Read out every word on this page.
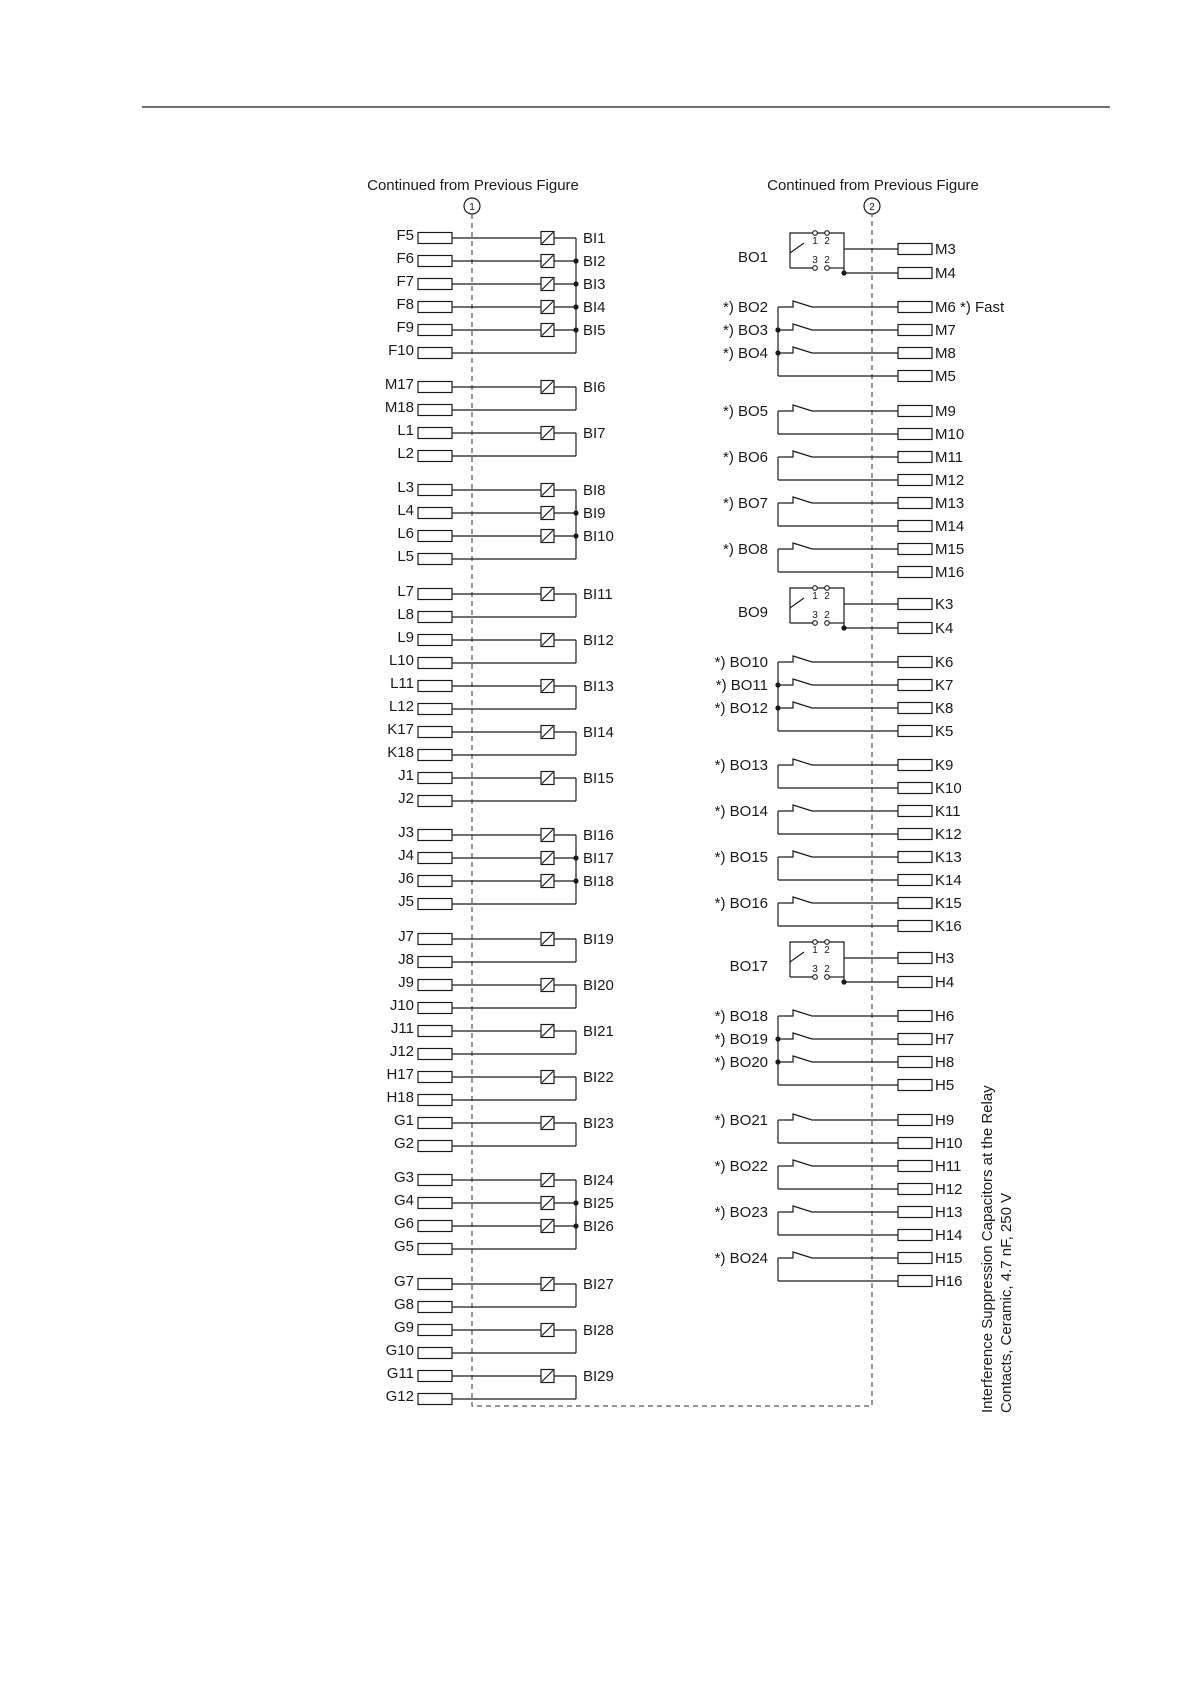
Continued from Previous Figure	Continued from Previous Figure
1	2
F5	BI1
F6	BI2
F7	BI3
F8	BI4
F9	BI5
F10
M17	BI6
M18
L1	BI7
L2
L3	BI8
L4	BI9
L6	BI10
L5
L7	BI11
L8
L9	BI12
L10
L11	BI13
L12
K17	BI14
K18
J1	BI15
J2
J3	BI16
J4	BI17
J6	BI18
J5
J7	BI19
J8
J9	BI20
J10
J11	BI21
J12
H17	BI22
H18
G1	BI23
G2
G3	BI24
G4	BI25
G6	BI26
G5
G7	BI27
G8
G9	BI28
G10
G11	BI29
G12
1 2
3 2
BO1	M3
M4
*) BO2	M6
*) BO3	M7
*) BO4	M8
M5
*) Fast
*) BO5	M9
M10
*) BO6	M11
M12
*) BO7	M13
M14
*) BO8	M15
M16
1 2
3 2
BO9	K3
K4
*) BO10	K6
*) BO11	K7
*) BO12	K8
K5
*) BO13	K9
K10
*) BO14	K11
K12
*) BO15	K13
K14
*) BO16	K15
K16
1 2
3 2
BO17	H3
H4
*) BO18	H6
*) BO19	H7
*) BO20	H8
H5
*) BO21	H9
H10
*) BO22	H11
H12
*) BO23	H13
H14
*) BO24	H15
H16 Interference Suppression Capacitors at the Relay Contacts, Ceramic, 4.7 nF, 250 V
